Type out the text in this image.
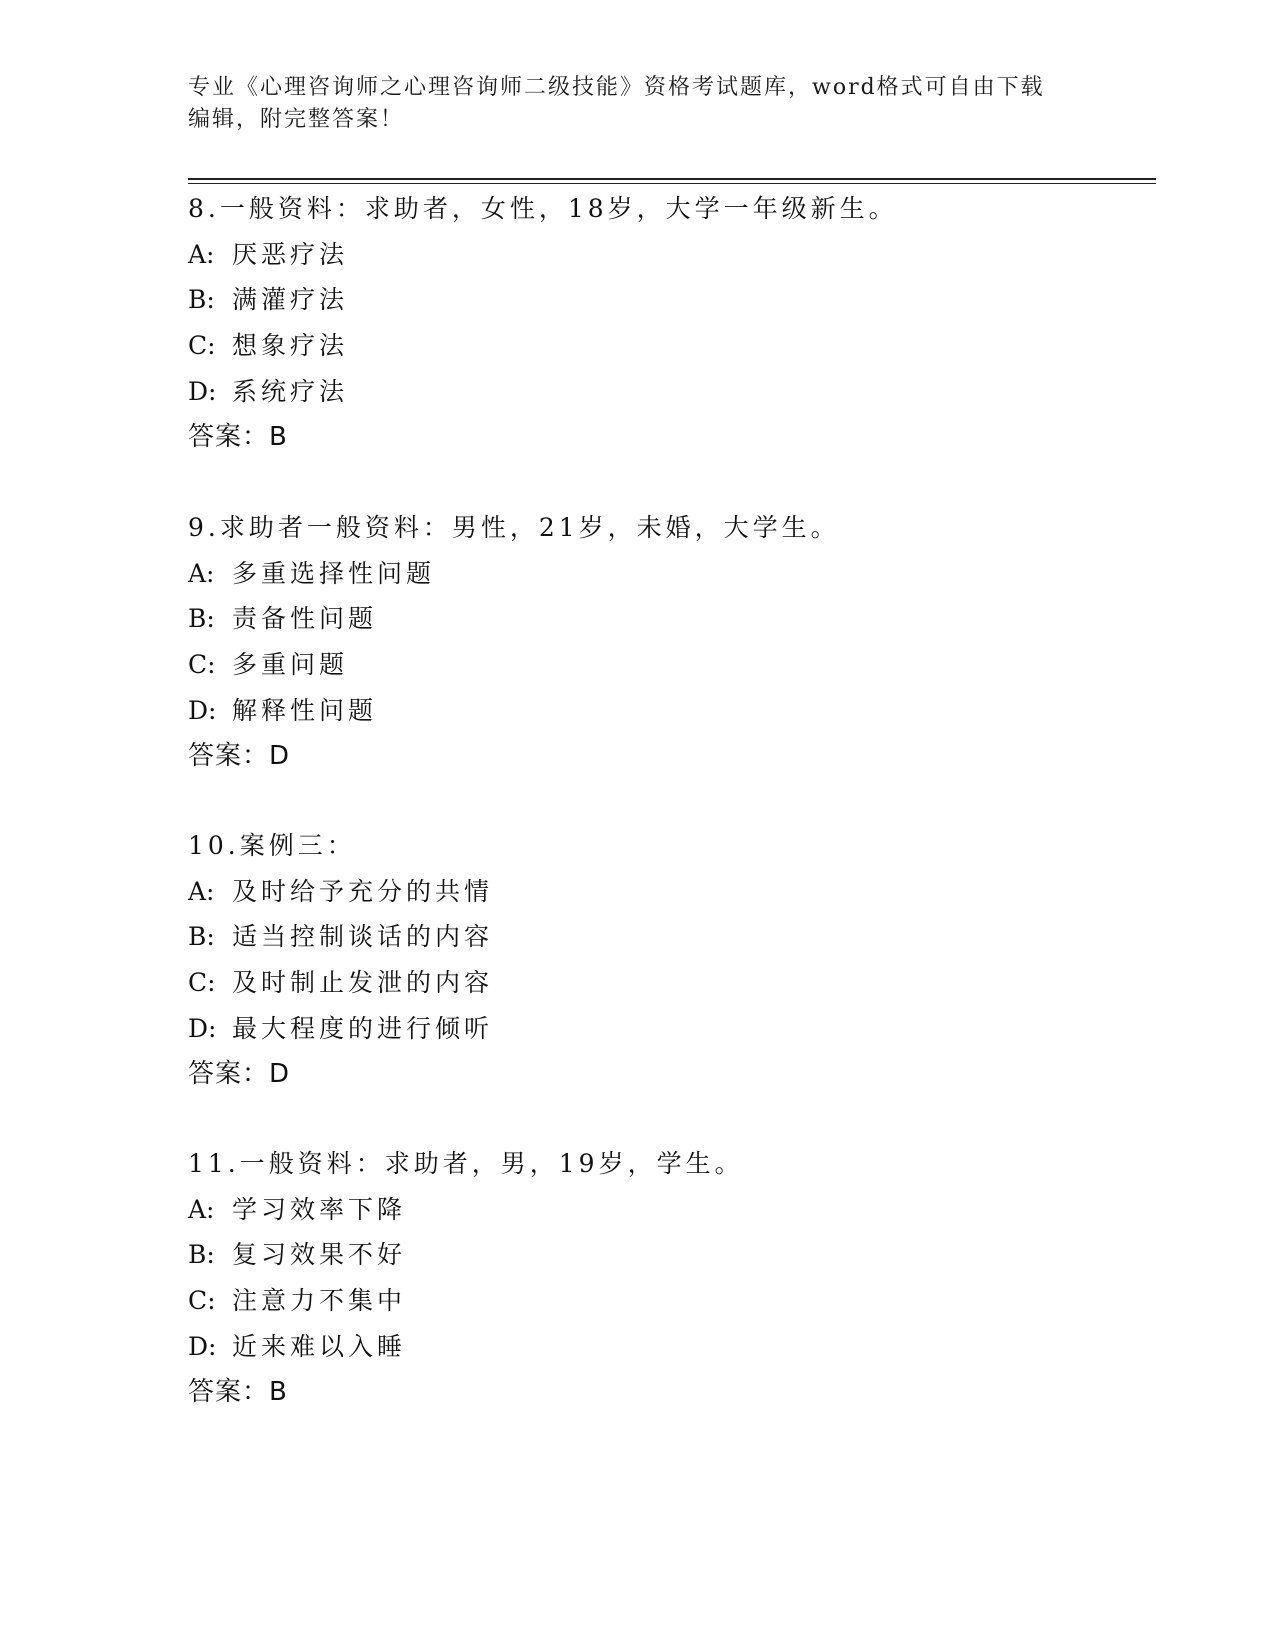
专业《心理咨询师之心理咨询师二级技能》资格考试题库，word格式可自由下载
编辑，附完整答案！
8.一般资料：求助者，女性，18岁，大学一年级新生。
A: 厌恶疗法
B: 满灌疗法
C: 想象疗法
D: 系统疗法
答案：B
9.求助者一般资料：男性，21岁，未婚，大学生。
A: 多重选择性问题
B: 责备性问题
C: 多重问题
D: 解释性问题
答案：D
10.案例三：
A: 及时给予充分的共情
B: 适当控制谈话的内容
C: 及时制止发泄的内容
D: 最大程度的进行倾听
答案：D
11.一般资料：求助者，男，19岁，学生。
A: 学习效率下降
B: 复习效果不好
C: 注意力不集中
D: 近来难以入睡
答案：B
